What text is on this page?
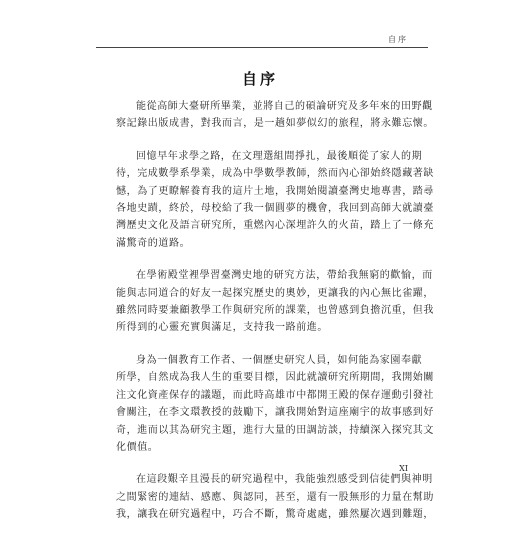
自序
自序

能從高師大臺研所畢業，並將自己的碩論研究及多年來的田野觀
察記錄出版成書，對我而言，是一趟如夢似幻的旅程，將永難忘懷。

回憶早年求學之路，在文理選組間掙扎，最後順從了家人的期
待，完成數學系學業，成為中學數學教師，然而內心卻始終隱藏著缺
憾，為了更瞭解養育我的這片土地，我開始閱讀臺灣史地專書，踏尋
各地史蹟，終於，母校給了我一個圓夢的機會，我回到高師大就讀臺
灣歷史文化及語言研究所，重燃內心深埋許久的火苗，踏上了一條充
滿驚奇的道路。

在學術殿堂裡學習臺灣史地的研究方法，帶給我無窮的歡愉，而
能與志同道合的好友一起探究歷史的奧妙，更讓我的內心無比雀躍，
雖然同時要兼顧教學工作與研究所的課業，也曾感到負擔沉重，但我
所得到的心靈充實與滿足，支持我一路前進。

身為一個教育工作者、一個歷史研究人員，如何能為家園奉獻
所學，自然成為我人生的重要目標，因此就讀研究所期間，我開始關
注文化資產保存的議題，而此時高雄市中都開王殿的保存運動引發社
會關注，在李文環教授的鼓勵下，讓我開始對這座廟宇的故事感到好
奇，進而以其為研究主題，進行大量的田調訪談，持續深入探究其文
化價值。

在這段艱辛且漫長的研究過程中，我能強烈感受到信徒們與神明
之間緊密的連結、感應、與認同，甚至，還有一股無形的力量在幫助
我，讓我在研究過程中，巧合不斷，驚奇處處，雖然屢次遇到難題，

XI
